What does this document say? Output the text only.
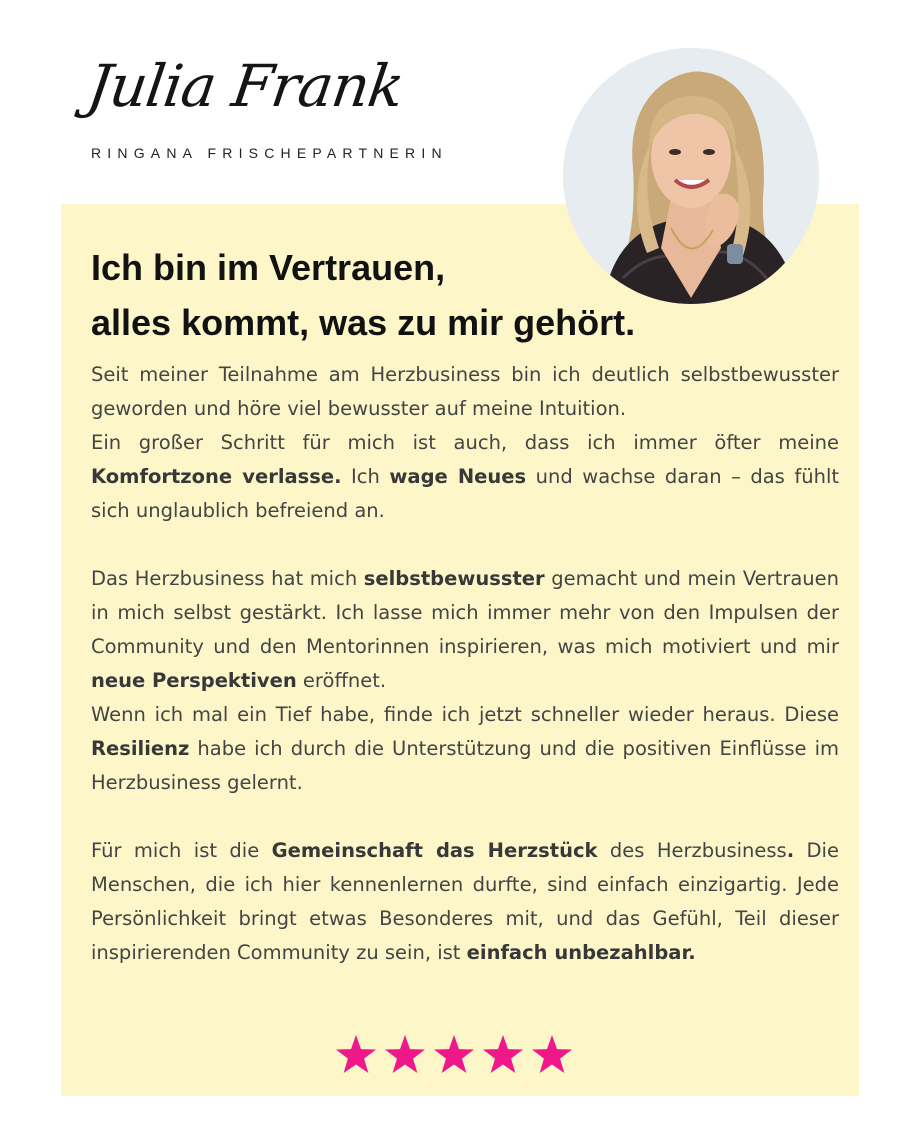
Julia Frank
RINGANA FRISCHEPARTNERIN
Ich bin im Vertrauen,
alles kommt, was zu mir gehört.

Seit meiner Teilnahme am Herzbusiness bin ich deutlich selbstbewusster geworden und höre viel bewusster auf meine Intuition.

Ein großer Schritt für mich ist auch, dass ich immer öfter meine Komfortzone verlasse. Ich wage Neues und wachse daran – das fühlt sich unglaublich befreiend an.

Das Herzbusiness hat mich selbstbewusster gemacht und mein Vertrauen in mich selbst gestärkt. Ich lasse mich immer mehr von den Impulsen der Community und den Mentorinnen inspirieren, was mich motiviert und mir neue Perspektiven eröffnet.

Wenn ich mal ein Tief habe, finde ich jetzt schneller wieder heraus. Diese Resilienz habe ich durch die Unterstützung und die positiven Einflüsse im Herzbusiness gelernt.

Für mich ist die Gemeinschaft das Herzstück des Herzbusiness. Die Menschen, die ich hier kennenlernen durfte, sind einfach einzigartig. Jede Persönlichkeit bringt etwas Besonderes mit, und das Gefühl, Teil dieser inspirierenden Community zu sein, ist einfach unbezahlbar.
